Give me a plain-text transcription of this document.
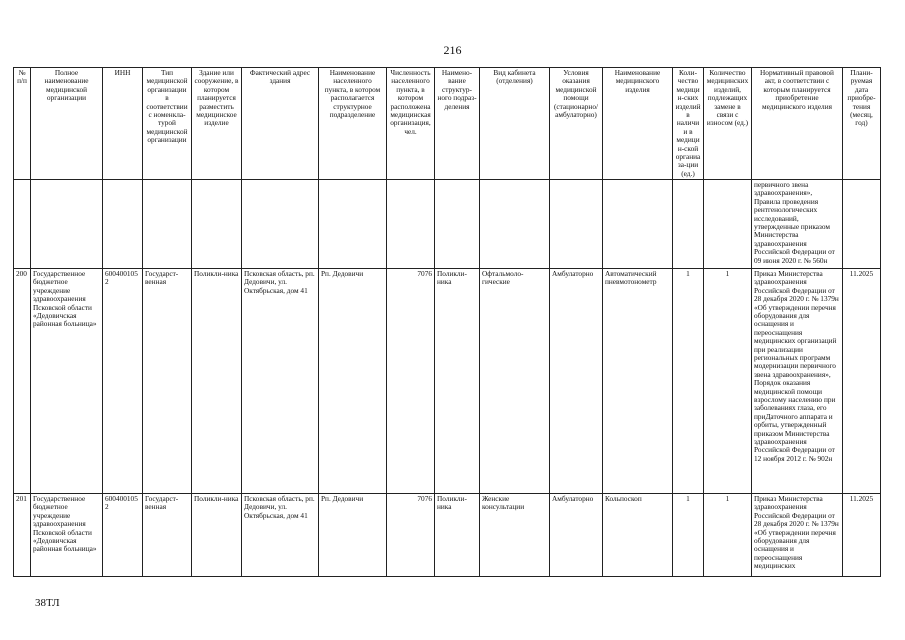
216
№ п/п	Полное наименование медицинской организации	ИНН	Тип медицинской организации в соответствии с номенкла-турой медицинской организации	Здание или сооружение, в котором планируется разместить медицинское изделие	Фактический адрес здания	Наименование населенного пункта, в котором располагается структурное подразделение	Численность населенного пункта, в котором расположена медицинская организация, чел.	Наимено-вание структур-ного подраз-деления	Вид кабинета (отделения)	Условия оказания медицинской помощи (стационарно/ амбулаторно)	Наименование медицинского изделия	Коли-чество медицин-ских изделий в наличии в медицин-ской органиаза-ции (ед.)	Количество медицинских изделий, подлежащих замене в связи с износом (ед.)	Нормативный правовой акт, в соответствии с которым планируется приобретение медицинского изделия	Плани-руемая дата приобре-тения (месяц, год)
														первичного звена здравоохранения», Правила проведения рентгенологических исследований, утвержденные приказом Министерства здравоохранения Российской Федерации от 09 июня 2020 г. № 560н	
200	Государственное бюджетное учреждение здравоохранения Псковской области «Дедовичская районная больница»	6004001052	Государст-венная	Поликли-ника	Псковская область, рп. Дедовичи, ул. Октябрьская, дом 41	Рп. Дедовичи	7076	Поликли-ника	Офтальмоло-гические	Амбулаторно	Автоматический пневмотонометр	1	1	Приказ Министерства здравоохранения Российской Федерации от 28 декабря 2020 г. № 1379н «Об утверждении перечня оборудования для оснащения и переоснащения медицинских организаций при реализации региональных программ модернизации первичного звена здравоохранения», Порядок оказания медицинской помощи взрослому населению при заболеваниях глаза, его приДаточного аппарата и орбиты, утвержденный приказом Министерства здравоохранения Российской Федерации от 12 ноября 2012 г. № 902н	11.2025
201	Государственное бюджетное учреждение здравоохранения Псковской области «Дедовичская районная больница»	6004001052	Государст-венная	Поликли-ника	Псковская область, рп. Дедовичи, ул. Октябрьская, дом 41	Рп. Дедовичи	7076	Поликли-ника	Женские консультации	Амбулаторно	Кольпоскоп	1	1	Приказ Министерства здравоохранения Российской Федерации от 28 декабря 2020 г. № 1379н «Об утверждении перечня оборудования для оснащения и переоснащения медицинских	11.2025
38ТЛ
